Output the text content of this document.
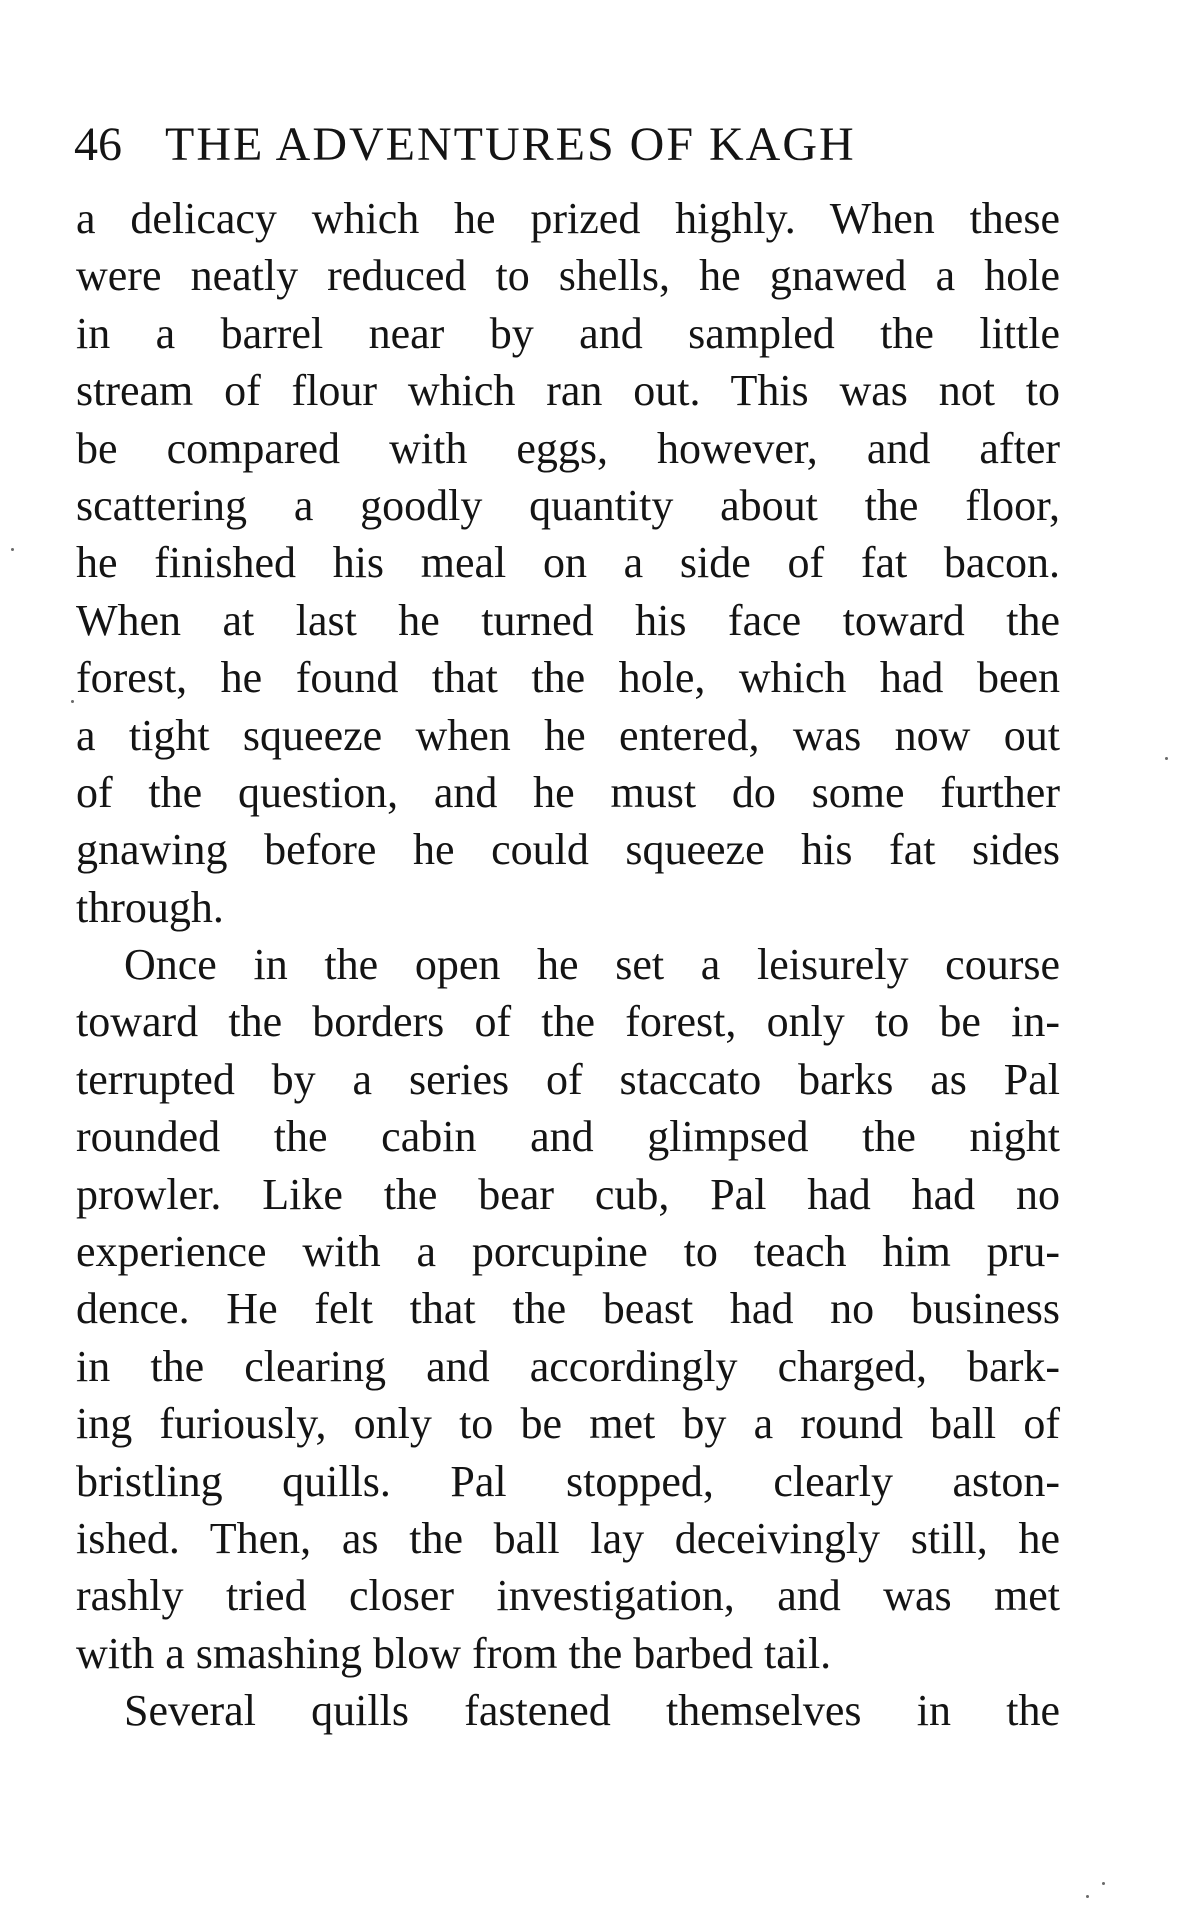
46 THE ADVENTURES OF KAGH
a delicacy which he prized highly. When these
were neatly reduced to shells, he gnawed a hole
in a barrel near by and sampled the little
stream of flour which ran out. This was not to
be compared with eggs, however, and after
scattering a goodly quantity about the floor,
he finished his meal on a side of fat bacon.
When at last he turned his face toward the
forest, he found that the hole, which had been
a tight squeeze when he entered, was now out
of the question, and he must do some further
gnawing before he could squeeze his fat sides
through.
Once in the open he set a leisurely course
toward the borders of the forest, only to be in-
terrupted by a series of staccato barks as Pal
rounded the cabin and glimpsed the night
prowler. Like the bear cub, Pal had had no
experience with a porcupine to teach him pru-
dence. He felt that the beast had no business
in the clearing and accordingly charged, bark-
ing furiously, only to be met by a round ball of
bristling quills. Pal stopped, clearly aston-
ished. Then, as the ball lay deceivingly still, he
rashly tried closer investigation, and was met
with a smashing blow from the barbed tail.
Several quills fastened themselves in the
